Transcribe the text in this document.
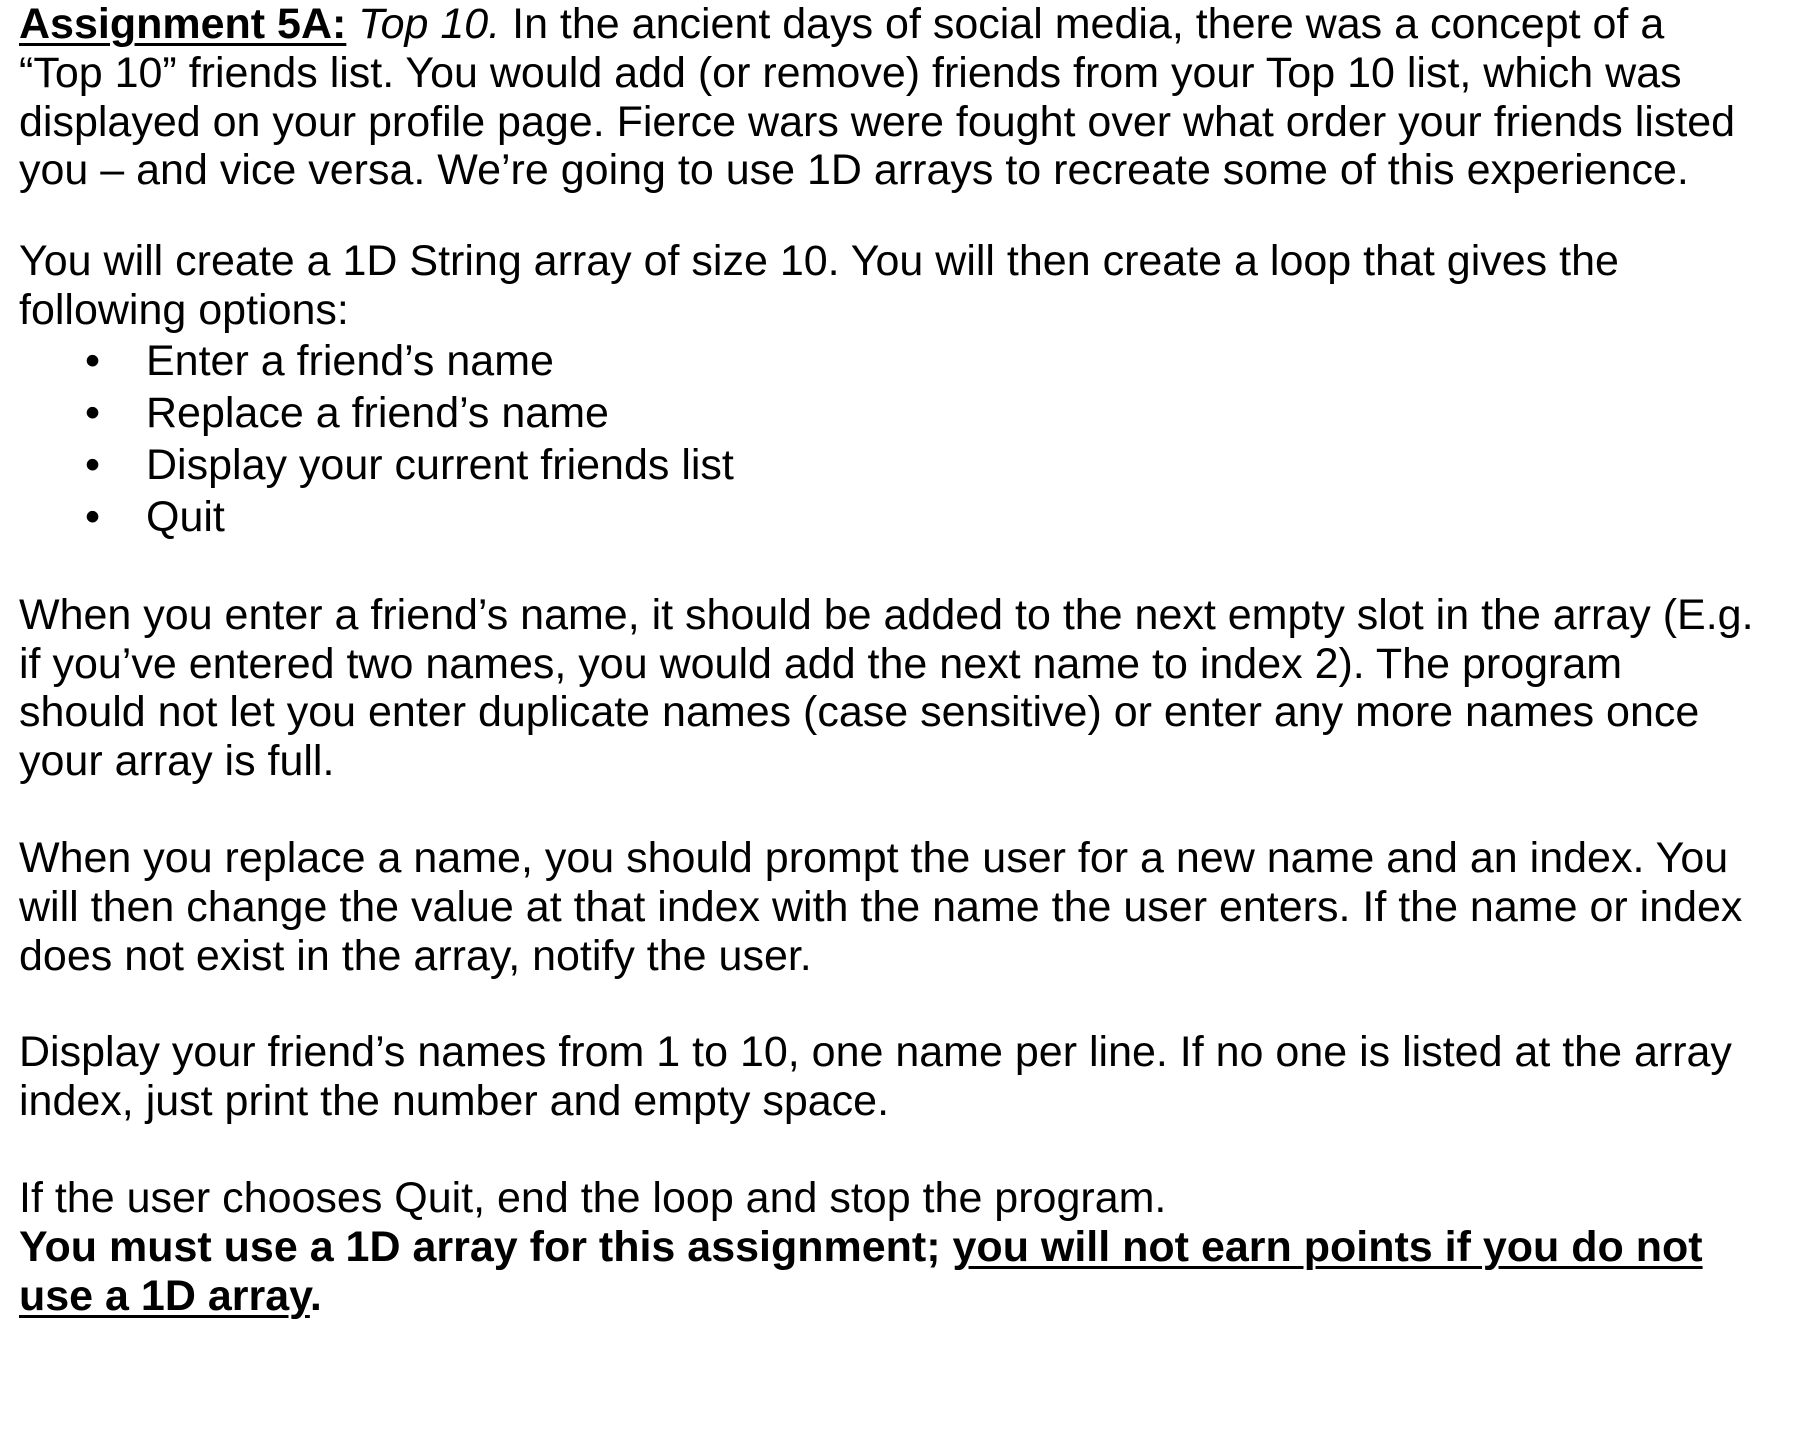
Assignment 5A: Top 10. In the ancient days of social media, there was a concept of a “Top 10” friends list. You would add (or remove) friends from your Top 10 list, which was displayed on your profile page. Fierce wars were fought over what order your friends listed you – and vice versa. We’re going to use 1D arrays to recreate some of this experience.

You will create a 1D String array of size 10. You will then create a loop that gives the following options:

• Enter a friend’s name
• Replace a friend’s name
• Display your current friends list
• Quit

When you enter a friend’s name, it should be added to the next empty slot in the array (E.g. if you’ve entered two names, you would add the next name to index 2). The program should not let you enter duplicate names (case sensitive) or enter any more names once your array is full.

When you replace a name, you should prompt the user for a new name and an index. You will then change the value at that index with the name the user enters. If the name or index does not exist in the array, notify the user.

Display your friend’s names from 1 to 10, one name per line. If no one is listed at the array index, just print the number and empty space.

If the user chooses Quit, end the loop and stop the program.

You must use a 1D array for this assignment; you will not earn points if you do not use a 1D array.
